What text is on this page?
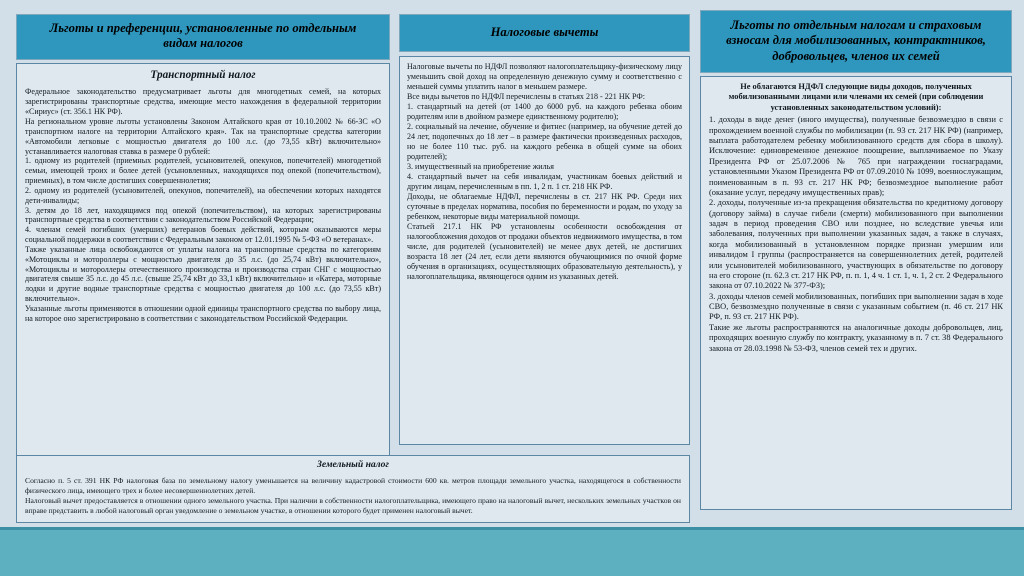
Льготы и преференции, установленные по отдельным видам налогов
Транспортный налог

Федеральное законодательство предусматривает льготы для многодетных семей, на которых зарегистрированы транспортные средства, имеющие место нахождения в федеральной территории «Сириус» (ст. 356.1 НК РФ).

На региональном уровне льготы установлены Законом Алтайского края от 10.10.2002 № 66-ЗС «О транспортном налоге на территории Алтайского края». Так на транспортные средства категории «Автомобили легковые с мощностью двигателя до 100 л.с. (до 73,55 кВт) включительно» устанавливается налоговая ставка в размере 0 рублей:

1. одному из родителей (приемных родителей, усыновителей, опекунов, попечителей) многодетной семьи, имеющей троих и более детей (усыновленных, находящихся под опекой (попечительством), приемных), в том числе достигших совершеннолетия;

2. одному из родителей (усыновителей, опекунов, попечителей), на обеспечении которых находятся дети-инвалиды;

3. детям до 18 лет, находящимся под опекой (попечительством), на которых зарегистрированы транспортные средства в соответствии с законодательством Российской Федерации;

4. членам семей погибших (умерших) ветеранов боевых действий, которым оказываются меры социальной поддержки в соответствии с Федеральным законом от 12.01.1995 № 5-ФЗ «О ветеранах».

Также указанные лица освобождаются от уплаты налога на транспортные средства по категориям «Мотоциклы и мотороллеры с мощностью двигателя до 35 л.с. (до 25,74 кВт) включительно», «Мотоциклы и мотороллеры отечественного производства и производства стран СНГ с мощностью двигателя свыше 35 л.с. до 45 л.с. (свыше 25,74 кВт до 33,1 кВт) включительно» и «Катера, моторные лодки и другие водные транспортные средства с мощностью двигателя до 100 л.с. (до 73,55 кВт) включительно».

Указанные льготы применяются в отношении одной единицы транспортного средства по выбору лица, на которое оно зарегистрировано в соответствии с законодательством Российской Федерации.

Налоговые вычеты

Налоговые вычеты по НДФЛ позволяют налогоплательщику-физическому лицу уменьшить свой доход на определенную денежную сумму и соответственно с меньшей суммы уплатить налог в меньшем размере.

Все виды вычетов по НДФЛ перечислены в статьях 218 - 221 НК РФ:

1. стандартный на детей (от 1400 до 6000 руб. на каждого ребенка обоим родителям или в двойном размере единственному родителю);

2. социальный на лечение, обучение и фитнес (например, на обучение детей до 24 лет, подопечных до 18 лет – в размере фактически произведенных расходов, но не более 110 тыс. руб. на каждого ребенка в общей сумме на обоих родителей);

3. имущественный на приобретение жилья

4. стандартный вычет на себя инвалидам, участникам боевых действий и другим лицам, перечисленным в пп. 1, 2 п. 1 ст. 218 НК РФ.

Доходы, не облагаемые НДФЛ, перечислены в ст. 217 НК РФ. Среди них суточные в пределах норматива, пособия по беременности и родам, по уходу за ребенком, некоторые виды материальной помощи.

Статьей 217.1 НК РФ установлены особенности освобождения от налогообложения доходов от продажи объектов недвижимого имущества, в том числе, для родителей (усыновителей) не менее двух детей, не достигших возраста 18 лет (24 лет, если дети являются обучающимися по очной форме обучения в организациях, осуществляющих образовательную деятельность), у налогоплательщика, являющегося одним из указанных детей.

Льготы по отдельным налогам и страховым взносам для мобилизованных, контрактников, добровольцев, членов их семей

Не облагаются НДФЛ следующие виды доходов, полученных мобилизованными лицами или членами их семей (при соблюдении установленных законодательством условий):

1. доходы в виде денег (иного имущества), полученные безвозмездно в связи с прохождением военной службы по мобилизации (п. 93 ст. 217 НК РФ) (например, выплата работодателем ребенку мобилизованного средств для сбора в школу). Исключение: единовременное денежное поощрение, выплачиваемое по Указу Президента РФ от 25.07.2006 № 765 при награждении госнаградами, установленными Указом Президента РФ от 07.09.2010 № 1099, военнослужащим, поименованным в п. 93 ст. 217 НК РФ; безвозмездное выполнение работ (оказание услуг, передачу имущественных прав);

2. доходы, полученные из-за прекращения обязательства по кредитному договору (договору займа) в случае гибели (смерти) мобилизованного при выполнении задач в период проведения СВО или позднее, но вследствие увечья или заболевания, полученных при выполнении указанных задач, а также в случаях, когда мобилизованный в установленном порядке признан умершим или инвалидом I группы (распространяется на совершеннолетних детей, родителей или усыновителей мобилизованного, участвующих в обязательстве по договору на его стороне (п. 62.3 ст. 217 НК РФ, п. п. 1, 4 ч. 1 ст. 1, ч. 1, 2 ст. 2 Федерального закона от 07.10.2022 № 377-ФЗ);

3. доходы членов семей мобилизованных, погибших при выполнении задач в ходе СВО, безвозмездно полученные в связи с указанным событием (п. 46 ст. 217 НК РФ, п. 93 ст. 217 НК РФ).

Такие же льготы распространяются на аналогичные доходы добровольцев, лиц, проходящих военную службу по контракту, указанному в п. 7 ст. 38 Федерального закона от 28.03.1998 № 53-ФЗ, членов семей тех и других.

Земельный налог

Согласно п. 5 ст. 391 НК РФ налоговая база по земельному налогу уменьшается на величину кадастровой стоимости 600 кв. метров площади земельного участка, находящегося в собственности физического лица, имеющего трех и более несовершеннолетних детей.

Налоговый вычет предоставляется в отношении одного земельного участка. При наличии в собственности налогоплательщика, имеющего право на налоговый вычет, нескольких земельных участков он вправе представить в любой налоговый орган уведомление о земельном участке, в отношении которого будет применен налоговый вычет.
